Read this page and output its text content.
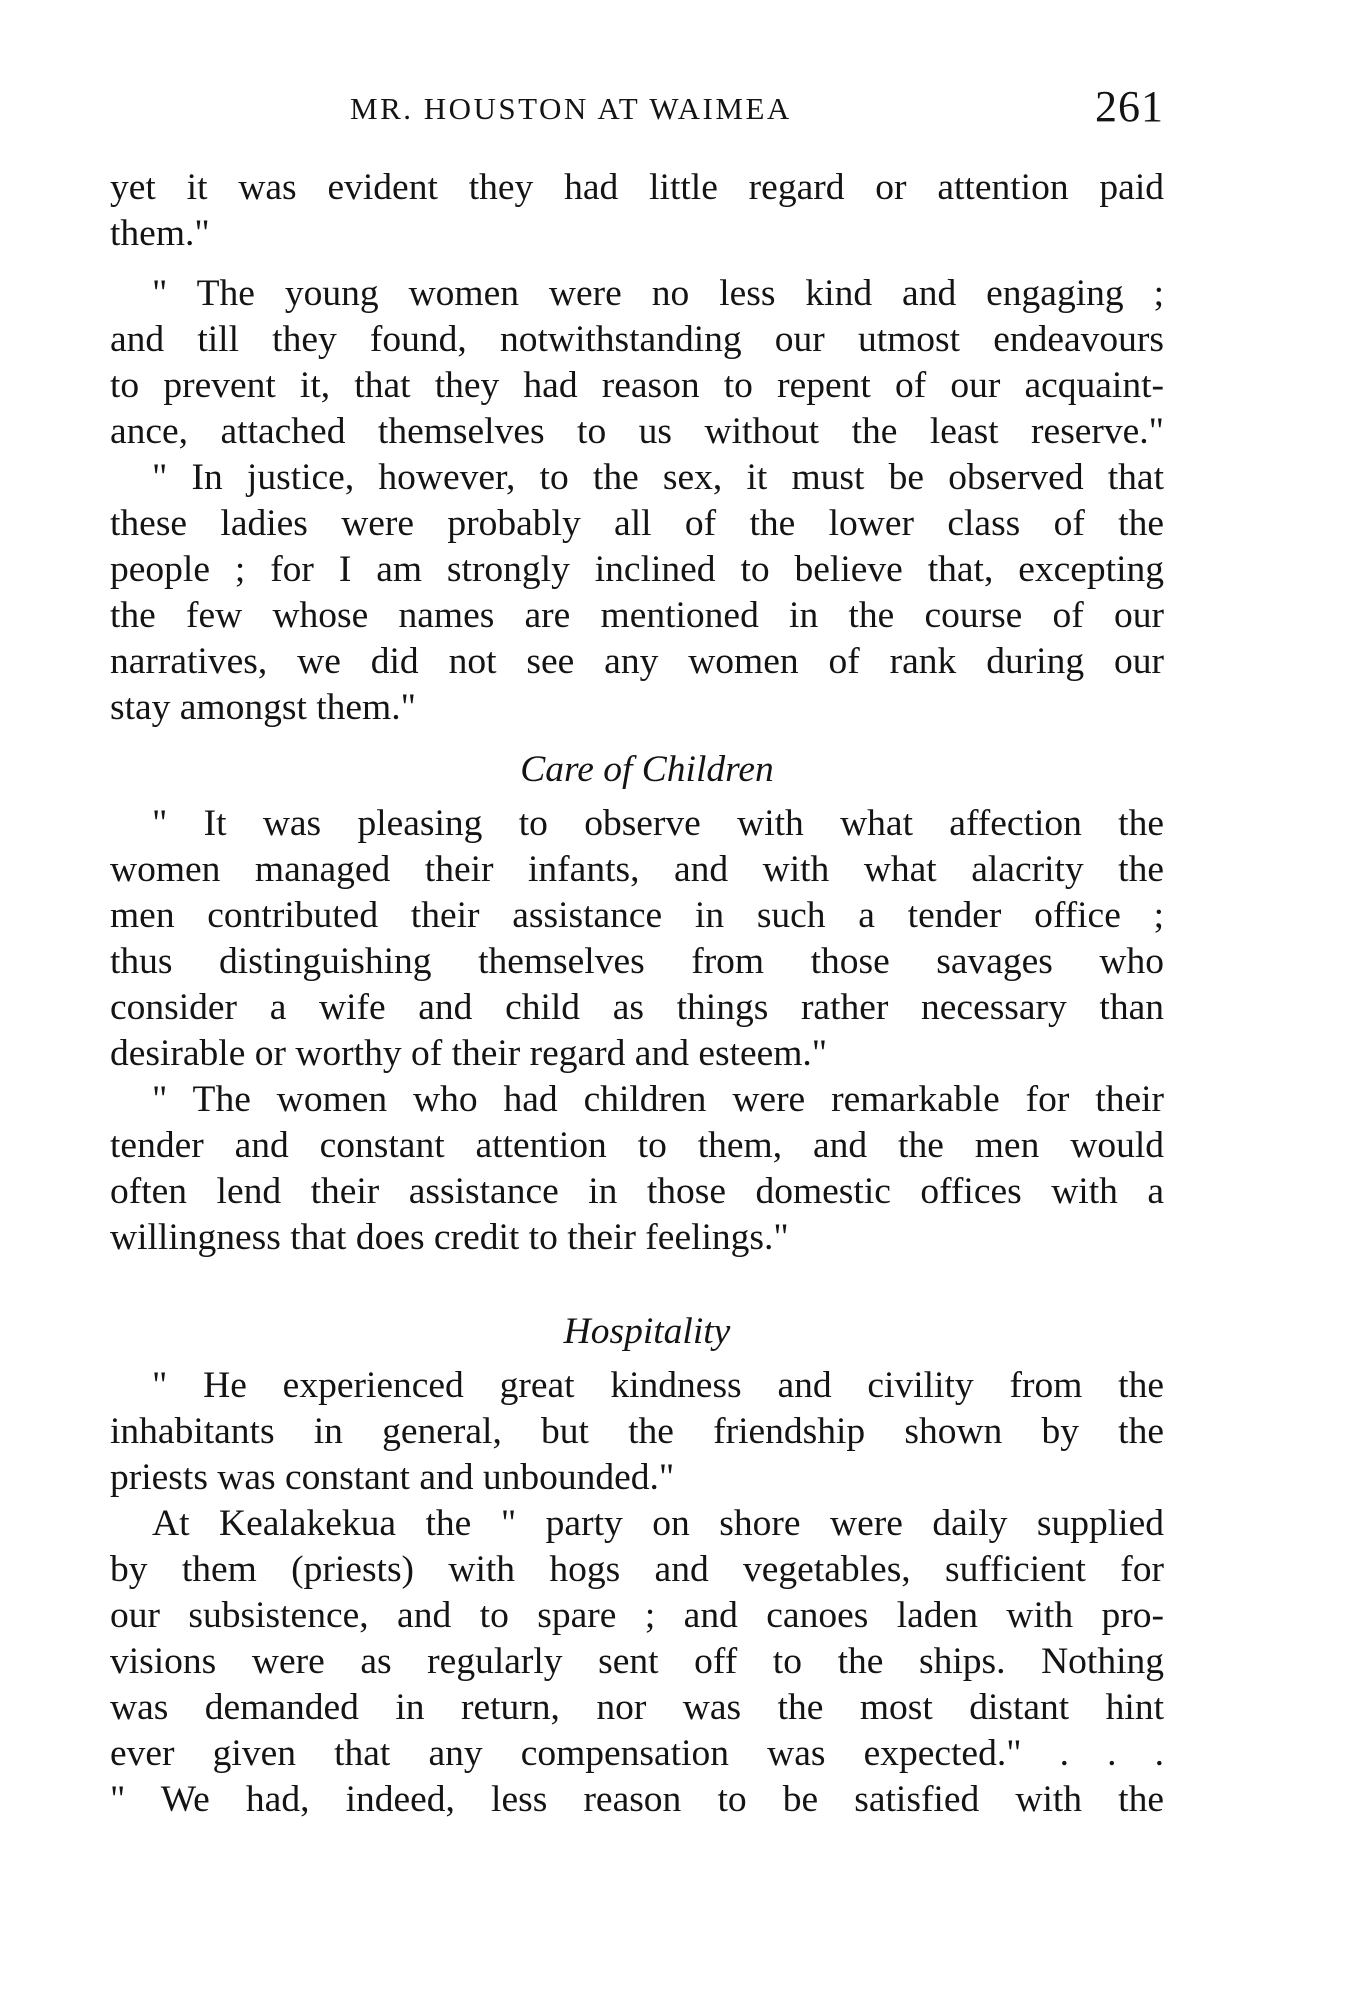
MR. HOUSTON AT WAIMEA	261
yet it was evident they had little regard or attention paid
them."
" The young women were no less kind and engaging ;
and till they found, notwithstanding our utmost endeavours
to prevent it, that they had reason to repent of our acquaint-
ance, attached themselves to us without the least reserve."
" In justice, however, to the sex, it must be observed that
these ladies were probably all of the lower class of the
people ; for I am strongly inclined to believe that, excepting
the few whose names are mentioned in the course of our
narratives, we did not see any women of rank during our
stay amongst them."
Care of Children
" It was pleasing to observe with what affection the
women managed their infants, and with what alacrity the
men contributed their assistance in such a tender office ;
thus distinguishing themselves from those savages who
consider a wife and child as things rather necessary than
desirable or worthy of their regard and esteem."
" The women who had children were remarkable for their
tender and constant attention to them, and the men would
often lend their assistance in those domestic offices with a
willingness that does credit to their feelings."
Hospitality
" He experienced great kindness and civility from the
inhabitants in general, but the friendship shown by the
priests was constant and unbounded."
At Kealakekua the " party on shore were daily supplied
by them (priests) with hogs and vegetables, sufficient for
our subsistence, and to spare ; and canoes laden with pro-
visions were as regularly sent off to the ships. Nothing
was demanded in return, nor was the most distant hint
ever given that any compensation was expected." . . .
" We had, indeed, less reason to be satisfied with the
